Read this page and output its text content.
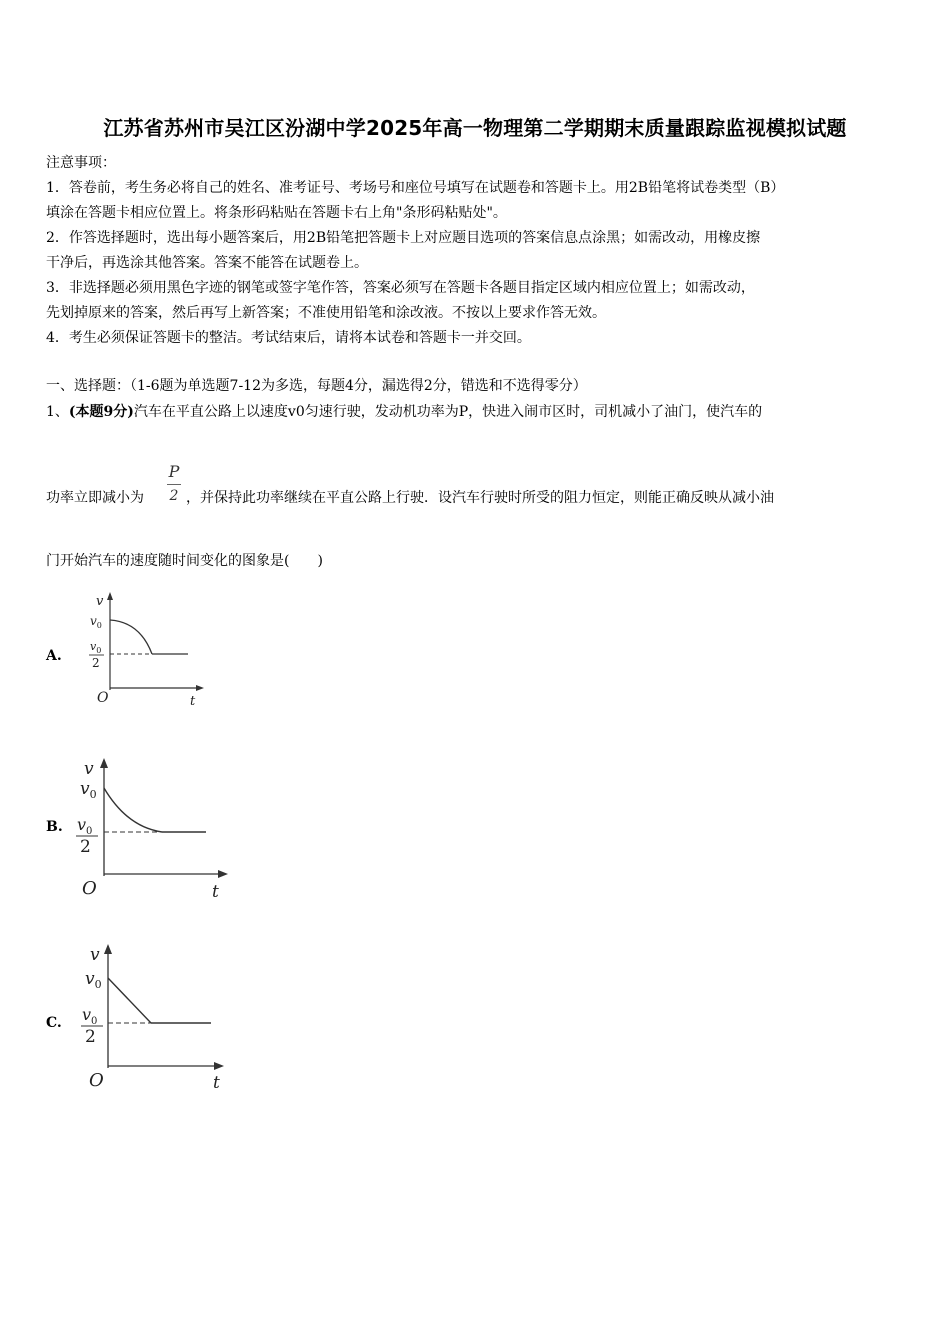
江苏省苏州市吴江区汾湖中学2025年高一物理第二学期期末质量跟踪监视模拟试题
注意事项：
1．答卷前，考生务必将自己的姓名、准考证号、考场号和座位号填写在试题卷和答题卡上。用2B铅笔将试卷类型（B）
填涂在答题卡相应位置上。将条形码粘贴在答题卡右上角"条形码粘贴处"。
2．作答选择题时，选出每小题答案后，用2B铅笔把答题卡上对应题目选项的答案信息点涂黑；如需改动，用橡皮擦
干净后，再选涂其他答案。答案不能答在试题卷上。
3．非选择题必须用黑色字迹的钢笔或签字笔作答，答案必须写在答题卡各题目指定区域内相应位置上；如需改动，
先划掉原来的答案，然后再写上新答案；不准使用铅笔和涂改液。不按以上要求作答无效。
4．考生必须保证答题卡的整洁。考试结束后，请将本试卷和答题卡一并交回。
一、选择题：（1-6题为单选题7-12为多选，每题4分，漏选得2分，错选和不选得零分）
1、(本题9分)汽车在平直公路上以速度v0匀速行驶，发动机功率为P，快进入闹市区时，司机减小了油门，使汽车的
P
2
功率立即减小为	，并保持此功率继续在平直公路上行驶．设汽车行驶时所受的阻力恒定，则能正确反映从减小油
门开始汽车的速度随时间变化的图象是(　　)
A.
v
$v_0$
$v_0$
2
O	t
B.
v
$v_0$
$v_0$
2
O	t
C.
v
$v_0$
$v_0$
2
O	t
